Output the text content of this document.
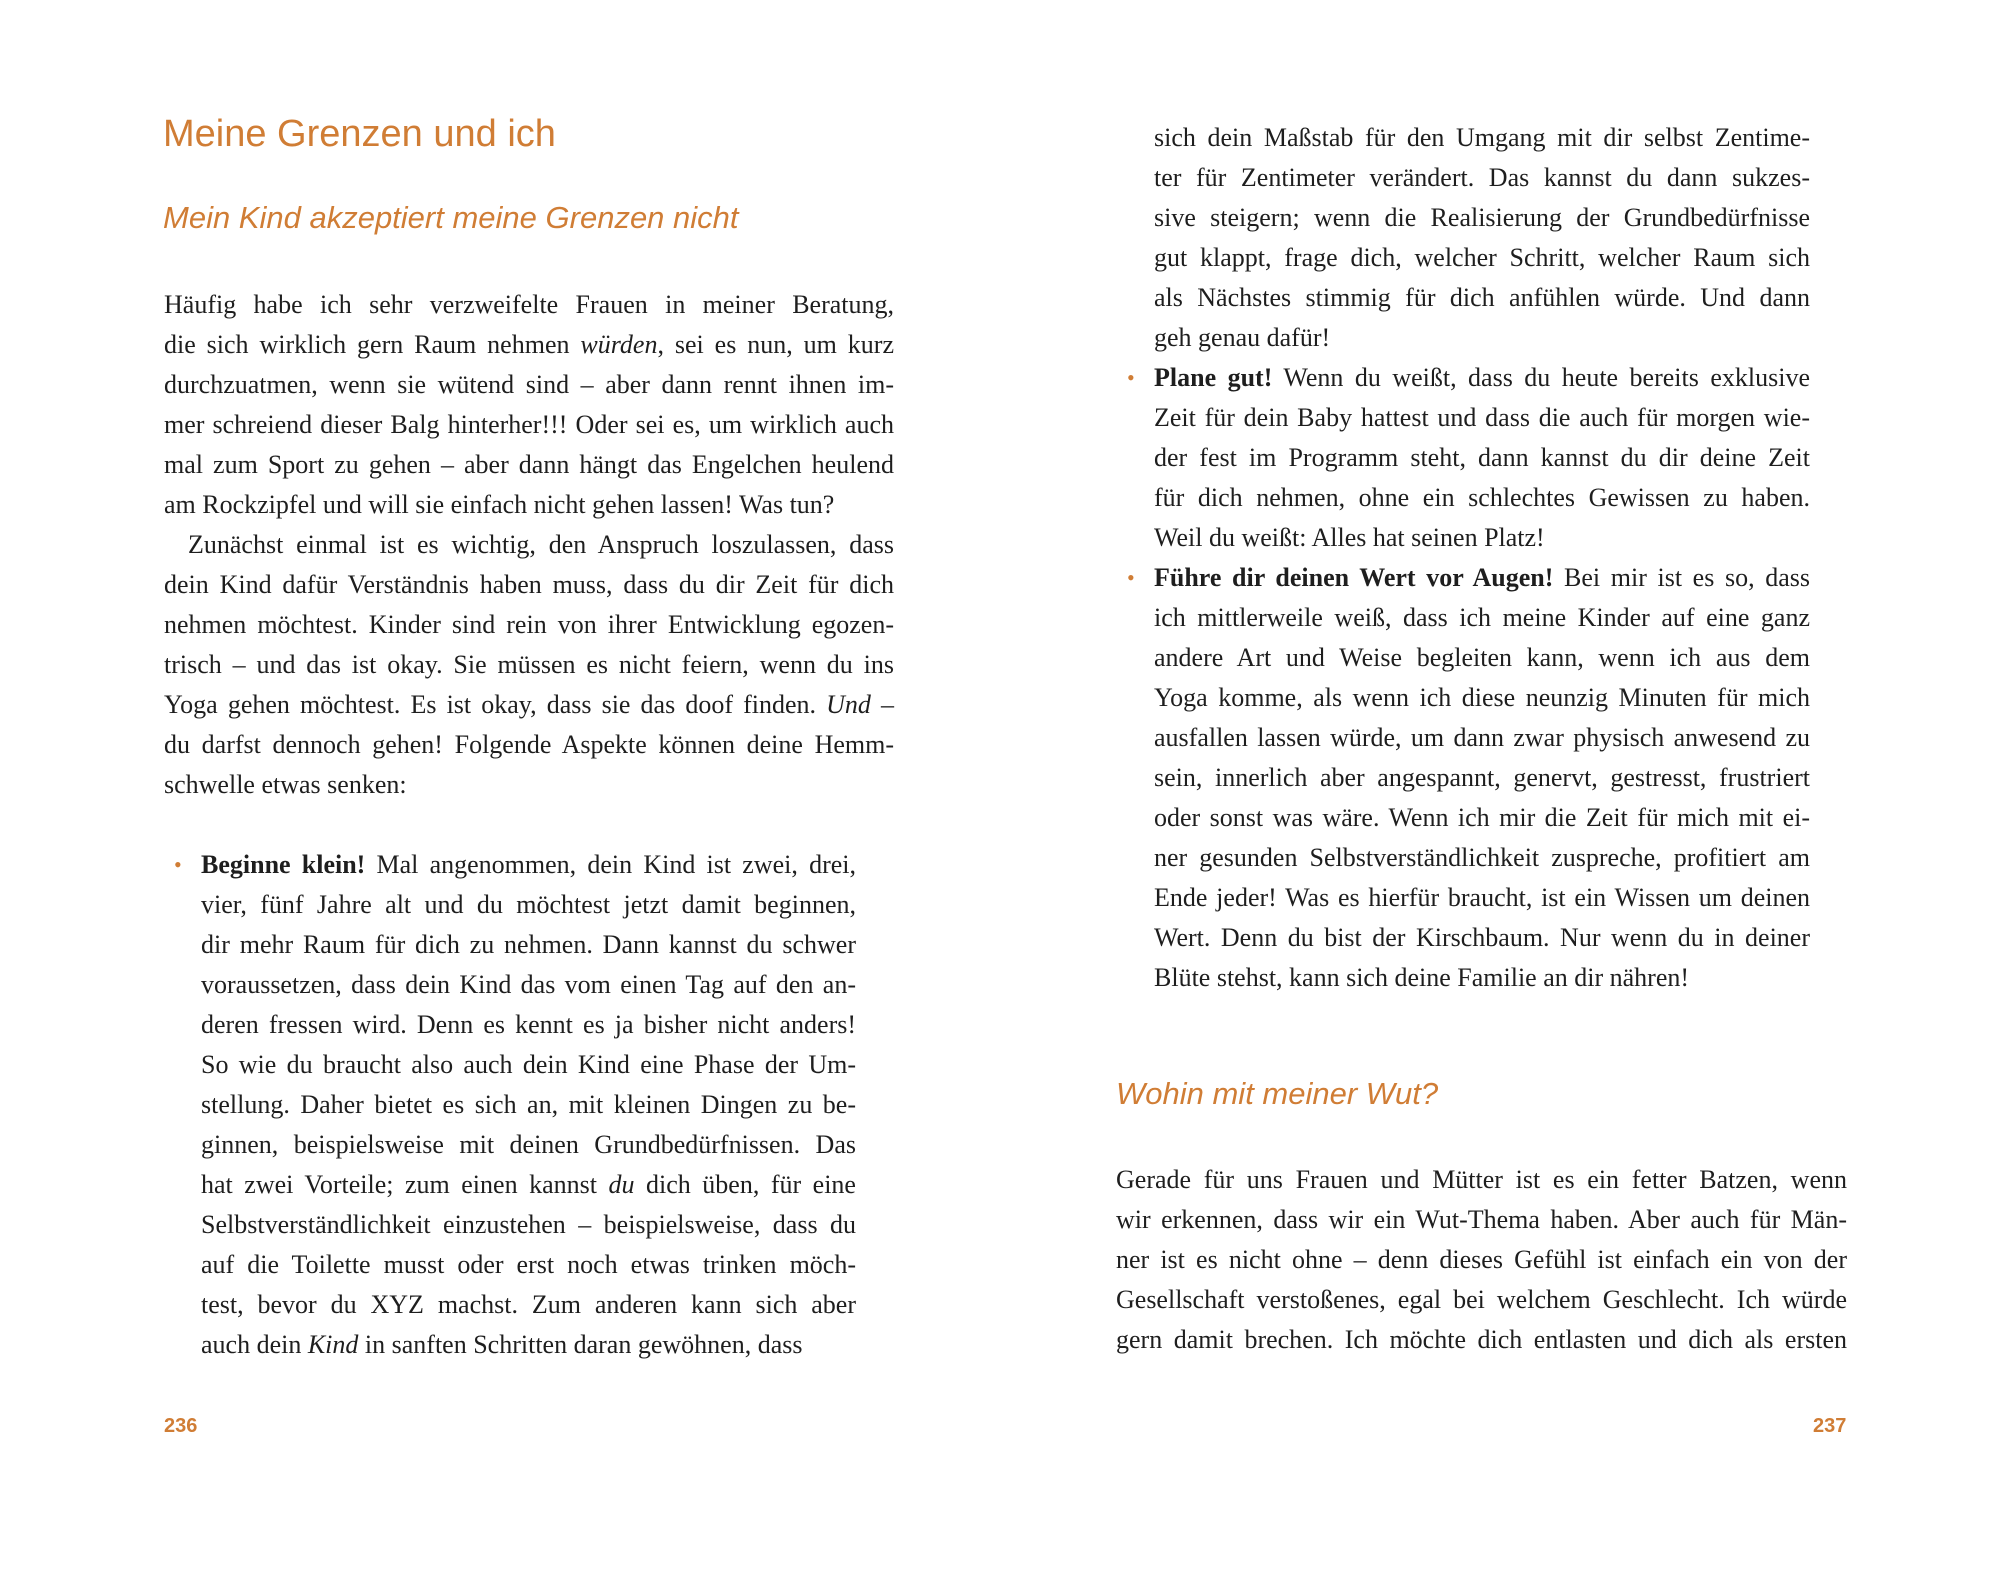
Meine Grenzen und ich
Mein Kind akzeptiert meine Grenzen nicht
Häufig habe ich sehr verzweifelte Frauen in meiner Beratung,
die sich wirklich gern Raum nehmen würden, sei es nun, um kurz
durchzuatmen, wenn sie wütend sind – aber dann rennt ihnen im-
mer schreiend dieser Balg hinterher!!! Oder sei es, um wirklich auch
mal zum Sport zu gehen – aber dann hängt das Engelchen heulend
am Rockzipfel und will sie einfach nicht gehen lassen! Was tun?
Zunächst einmal ist es wichtig, den Anspruch loszulassen, dass
dein Kind dafür Verständnis haben muss, dass du dir Zeit für dich
nehmen möchtest. Kinder sind rein von ihrer Entwicklung egozen-
trisch – und das ist okay. Sie müssen es nicht feiern, wenn du ins
Yoga gehen möchtest. Es ist okay, dass sie das doof finden. Und –
du darfst dennoch gehen! Folgende Aspekte können deine Hemm-
schwelle etwas senken:
• Beginne klein! Mal angenommen, dein Kind ist zwei, drei,
vier, fünf Jahre alt und du möchtest jetzt damit beginnen,
dir mehr Raum für dich zu nehmen. Dann kannst du schwer
voraussetzen, dass dein Kind das vom einen Tag auf den an-
deren fressen wird. Denn es kennt es ja bisher nicht anders!
So wie du braucht also auch dein Kind eine Phase der Um-
stellung. Daher bietet es sich an, mit kleinen Dingen zu be-
ginnen, beispielsweise mit deinen Grundbedürfnissen. Das
hat zwei Vorteile; zum einen kannst du dich üben, für eine
Selbstverständlichkeit einzustehen – beispielsweise, dass du
auf die Toilette musst oder erst noch etwas trinken möch-
test, bevor du XYZ machst. Zum anderen kann sich aber
auch dein Kind in sanften Schritten daran gewöhnen, dass
236
sich dein Maßstab für den Umgang mit dir selbst Zentime-
ter für Zentimeter verändert. Das kannst du dann sukzes-
sive steigern; wenn die Realisierung der Grundbedürfnisse
gut klappt, frage dich, welcher Schritt, welcher Raum sich
als Nächstes stimmig für dich anfühlen würde. Und dann
geh genau dafür!
• Plane gut! Wenn du weißt, dass du heute bereits exklusive
Zeit für dein Baby hattest und dass die auch für morgen wie-
der fest im Programm steht, dann kannst du dir deine Zeit
für dich nehmen, ohne ein schlechtes Gewissen zu haben.
Weil du weißt: Alles hat seinen Platz!
• Führe dir deinen Wert vor Augen! Bei mir ist es so, dass
ich mittlerweile weiß, dass ich meine Kinder auf eine ganz
andere Art und Weise begleiten kann, wenn ich aus dem
Yoga komme, als wenn ich diese neunzig Minuten für mich
ausfallen lassen würde, um dann zwar physisch anwesend zu
sein, innerlich aber angespannt, genervt, gestresst, frustriert
oder sonst was wäre. Wenn ich mir die Zeit für mich mit ei-
ner gesunden Selbstverständlichkeit zuspreche, profitiert am
Ende jeder! Was es hierfür braucht, ist ein Wissen um deinen
Wert. Denn du bist der Kirschbaum. Nur wenn du in deiner
Blüte stehst, kann sich deine Familie an dir nähren!
Wohin mit meiner Wut?
Gerade für uns Frauen und Mütter ist es ein fetter Batzen, wenn
wir erkennen, dass wir ein Wut-Thema haben. Aber auch für Män-
ner ist es nicht ohne – denn dieses Gefühl ist einfach ein von der
Gesellschaft verstoßenes, egal bei welchem Geschlecht. Ich würde
gern damit brechen. Ich möchte dich entlasten und dich als ersten
237
